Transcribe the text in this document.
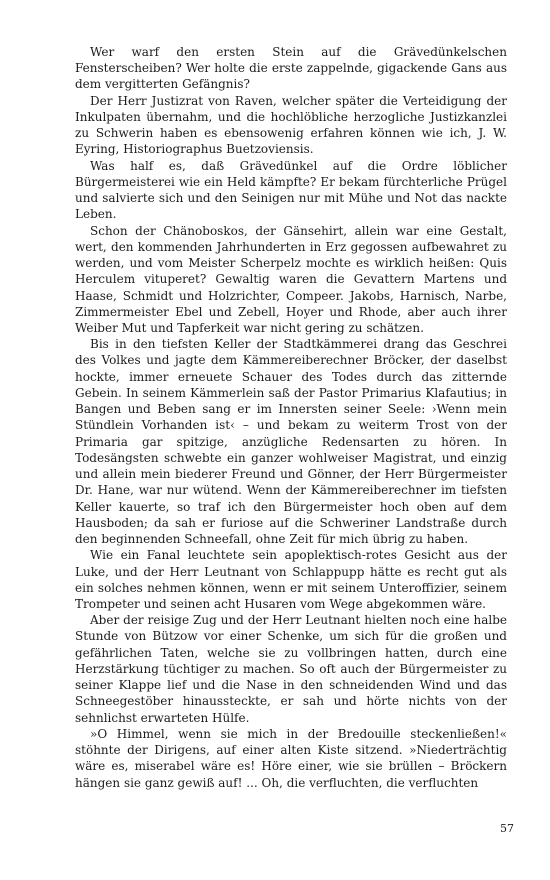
Wer warf den ersten Stein auf die Grävedünkelschen Fensterscheiben? Wer holte die erste zappelnde, gigackende Gans aus dem vergitterten Gefängnis?

Der Herr Justizrat von Raven, welcher später die Verteidigung der Inkulpaten übernahm, und die hochlöbliche herzogliche Justizkanzlei zu Schwerin haben es ebensowenig erfahren können wie ich, J. W. Eyring, Historiographus Buetzoviensis.

Was half es, daß Grävedünkel auf die Ordre löblicher Bürgermeisterei wie ein Held kämpfte? Er bekam fürchterliche Prügel und salvierte sich und den Seinigen nur mit Mühe und Not das nackte Leben.

Schon der Chänoboskos, der Gänsehirt, allein war eine Gestalt, wert, den kommenden Jahrhunderten in Erz gegossen aufbewahret zu werden, und vom Meister Scherpelz mochte es wirklich heißen: Quis Herculem vituperet? Gewaltig waren die Gevattern Martens und Haase, Schmidt und Holzrichter, Compeer. Jakobs, Harnisch, Narbe, Zimmermeister Ebel und Zebell, Hoyer und Rhode, aber auch ihrer Weiber Mut und Tapferkeit war nicht gering zu schätzen.

Bis in den tiefsten Keller der Stadtkämmerei drang das Geschrei des Volkes und jagte dem Kämmereiberechner Bröcker, der daselbst hockte, immer erneuete Schauer des Todes durch das zitternde Gebein. In seinem Kämmerlein saß der Pastor Primarius Klafautius; in Bangen und Beben sang er im Innersten seiner Seele: ›Wenn mein Stündlein Vorhanden ist‹ – und bekam zu weiterm Trost von der Primaria gar spitzige, anzügliche Redensarten zu hören. In Todesängsten schwebte ein ganzer wohlweiser Magistrat, und einzig und allein mein biederer Freund und Gönner, der Herr Bürgermeister Dr. Hane, war nur wütend. Wenn der Kämmereiberechner im tiefsten Keller kauerte, so traf ich den Bürgermeister hoch oben auf dem Hausboden; da sah er furiose auf die Schweriner Landstraße durch den beginnenden Schneefall, ohne Zeit für mich übrig zu haben.

Wie ein Fanal leuchtete sein apoplektisch-rotes Gesicht aus der Luke, und der Herr Leutnant von Schlappupp hätte es recht gut als ein solches nehmen können, wenn er mit seinem Unteroffizier, seinem Trompeter und seinen acht Husaren vom Wege abgekommen wäre.

Aber der reisige Zug und der Herr Leutnant hielten noch eine halbe Stunde von Bützow vor einer Schenke, um sich für die großen und gefährlichen Taten, welche sie zu vollbringen hatten, durch eine Herzstärkung tüchtiger zu machen. So oft auch der Bürgermeister zu seiner Klappe lief und die Nase in den schneidenden Wind und das Schneegestöber hinaussteckte, er sah und hörte nichts von der sehnlichst erwarteten Hülfe.

»O Himmel, wenn sie mich in der Bredouille steckenließen!« stöhnte der Dirigens, auf einer alten Kiste sitzend. »Niederträchtig wäre es, miserabel wäre es! Höre einer, wie sie brüllen – Bröckern hängen sie ganz gewiß auf! ... Oh, die verfluchten, die verfluchten

57
